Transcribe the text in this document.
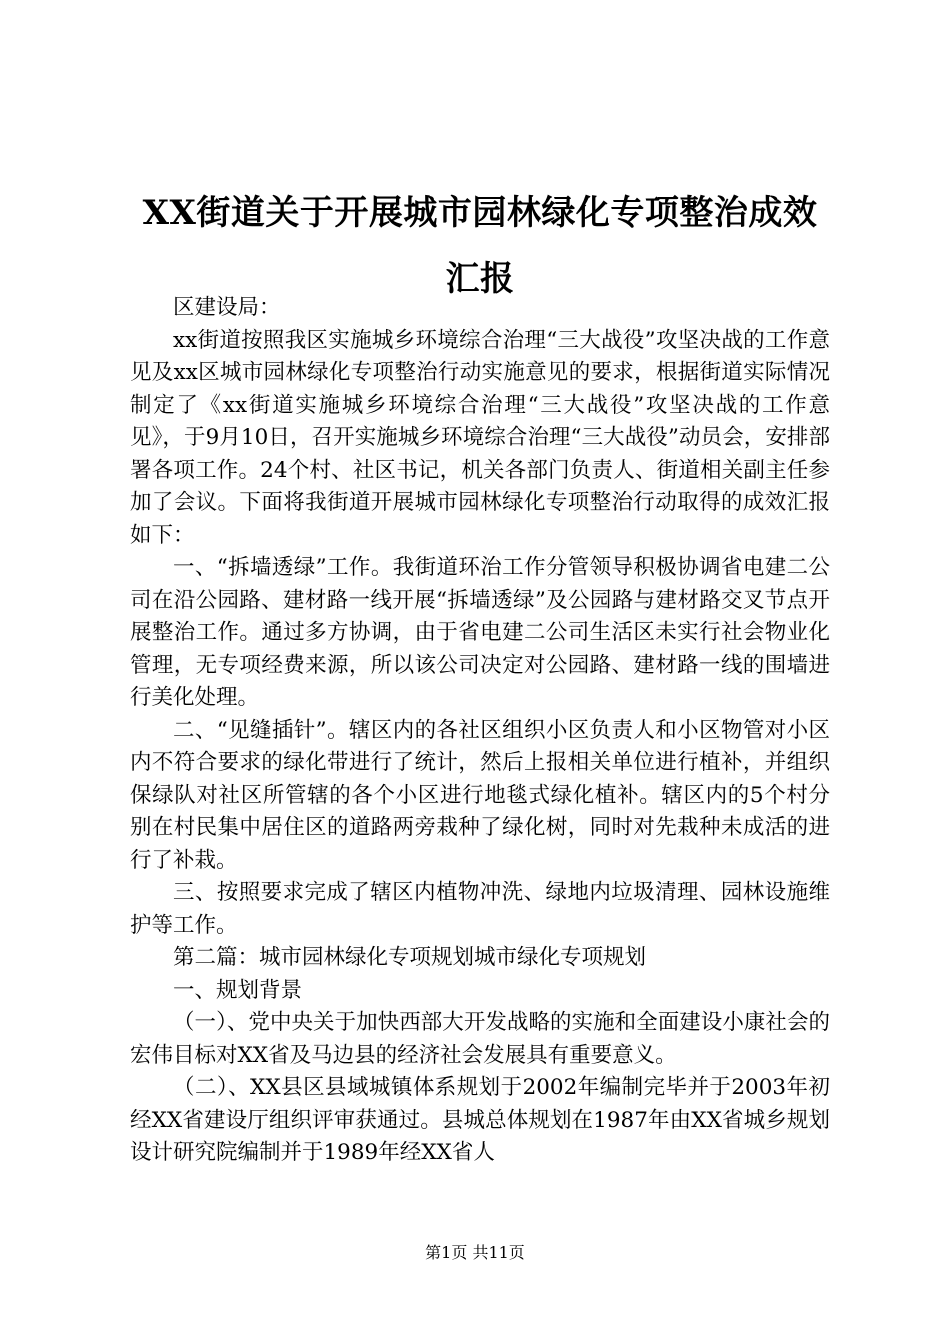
XX街道关于开展城市园林绿化专项整治成效汇报

区建设局：

xx街道按照我区实施城乡环境综合治理“三大战役”攻坚决战的工作意见及xx区城市园林绿化专项整治行动实施意见的要求，根据街道实际情况制定了《xx街道实施城乡环境综合治理“三大战役”攻坚决战的工作意见》，于9月10日，召开实施城乡环境综合治理“三大战役”动员会，安排部署各项工作。24个村、社区书记，机关各部门负责人、街道相关副主任参加了会议。下面将我街道开展城市园林绿化专项整治行动取得的成效汇报如下：

一、“拆墙透绿”工作。我街道环治工作分管领导积极协调省电建二公司在沿公园路、建材路一线开展“拆墙透绿”及公园路与建材路交叉节点开展整治工作。通过多方协调，由于省电建二公司生活区未实行社会物业化管理，无专项经费来源，所以该公司决定对公园路、建材路一线的围墙进行美化处理。

二、“见缝插针”。辖区内的各社区组织小区负责人和小区物管对小区内不符合要求的绿化带进行了统计，然后上报相关单位进行植补，并组织保绿队对社区所管辖的各个小区进行地毯式绿化植补。辖区内的5个村分别在村民集中居住区的道路两旁栽种了绿化树，同时对先栽种未成活的进行了补栽。

三、按照要求完成了辖区内植物冲洗、绿地内垃圾清理、园林设施维护等工作。

第二篇：城市园林绿化专项规划城市绿化专项规划

一、规划背景

（一）、党中央关于加快西部大开发战略的实施和全面建设小康社会的宏伟目标对XX省及马边县的经济社会发展具有重要意义。

（二）、XX县区县域城镇体系规划于2002年编制完毕并于2003年初经XX省建设厅组织评审获通过。县城总体规划在1987年由XX省城乡规划设计研究院编制并于1989年经XX省人

第1页 共11页
